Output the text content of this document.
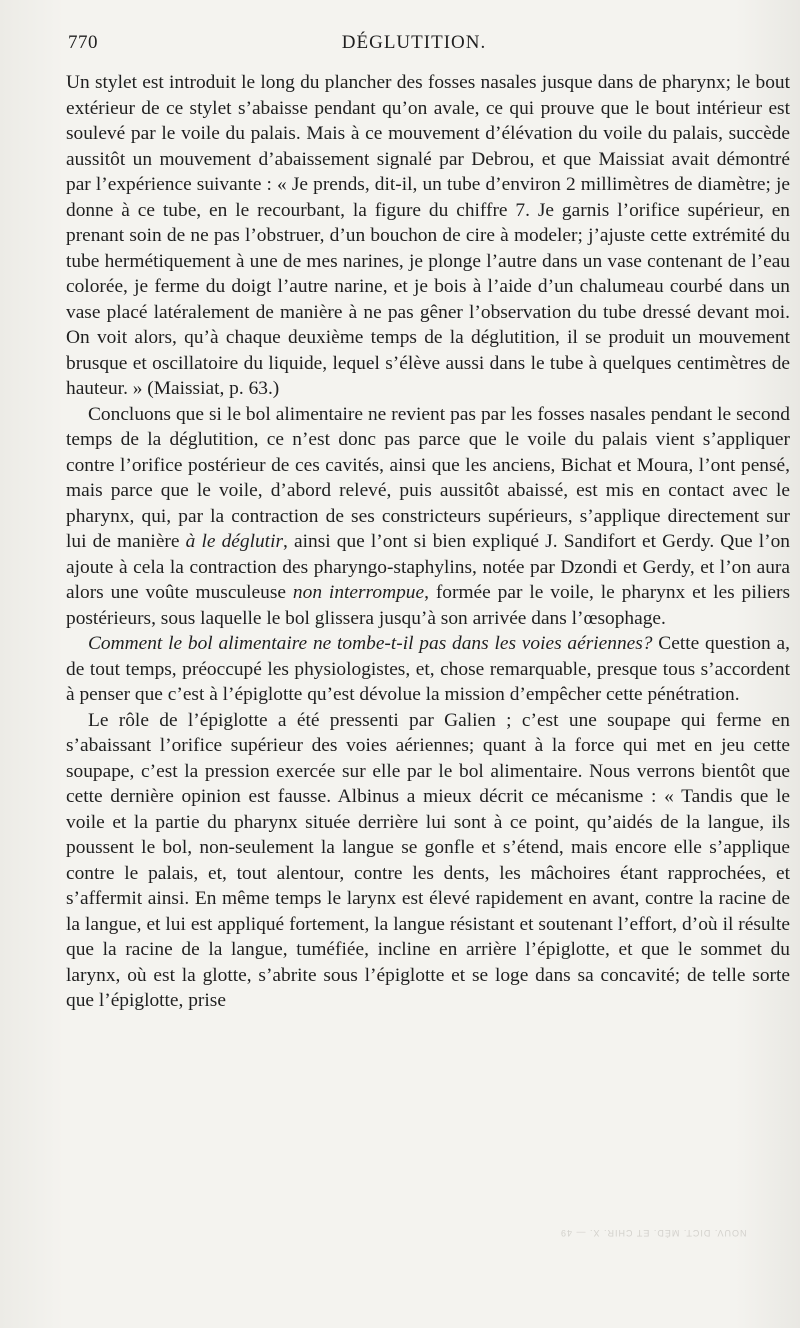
770	DÉGLUTITION.

Un stylet est introduit le long du plancher des fosses nasales jusque dans de pharynx; le bout extérieur de ce stylet s’abaisse pendant qu’on avale, ce qui prouve que le bout intérieur est soulevé par le voile du palais. Mais à ce mouvement d’élévation du voile du palais, succède aussitôt un mouvement d’abaissement signalé par Debrou, et que Maissiat avait démontré par l’expérience suivante : « Je prends, dit-il, un tube d’environ 2 millimètres de diamètre; je donne à ce tube, en le recourbant, la figure du chiffre 7. Je garnis l’orifice supérieur, en prenant soin de ne pas l’obstruer, d’un bouchon de cire à modeler; j’ajuste cette extrémité du tube hermétiquement à une de mes narines, je plonge l’autre dans un vase contenant de l’eau colorée, je ferme du doigt l’autre narine, et je bois à l’aide d’un chalumeau courbé dans un vase placé latéralement de manière à ne pas gêner l’observation du tube dressé devant moi. On voit alors, qu’à chaque deuxième temps de la déglutition, il se produit un mouvement brusque et oscillatoire du liquide, lequel s’élève aussi dans le tube à quelques centimètres de hauteur. » (Maissiat, p. 63.)

Concluons que si le bol alimentaire ne revient pas par les fosses nasales pendant le second temps de la déglutition, ce n’est donc pas parce que le voile du palais vient s’appliquer contre l’orifice postérieur de ces cavités, ainsi que les anciens, Bichat et Moura, l’ont pensé, mais parce que le voile, d’abord relevé, puis aussitôt abaissé, est mis en contact avec le pharynx, qui, par la contraction de ses constricteurs supérieurs, s’applique directement sur lui de manière à le déglutir, ainsi que l’ont si bien expliqué J. Sandifort et Gerdy. Que l’on ajoute à cela la contraction des pharyngo-staphylins, notée par Dzondi et Gerdy, et l’on aura alors une voûte musculeuse non interrompue, formée par le voile, le pharynx et les piliers postérieurs, sous laquelle le bol glissera jusqu’à son arrivée dans l’œsophage.

Comment le bol alimentaire ne tombe-t-il pas dans les voies aériennes? Cette question a, de tout temps, préoccupé les physiologistes, et, chose remarquable, presque tous s’accordent à penser que c’est à l’épiglotte qu’est dévolue la mission d’empêcher cette pénétration.

Le rôle de l’épiglotte a été pressenti par Galien ; c’est une soupape qui ferme en s’abaissant l’orifice supérieur des voies aériennes; quant à la force qui met en jeu cette soupape, c’est la pression exercée sur elle par le bol alimentaire. Nous verrons bientôt que cette dernière opinion est fausse. Albinus a mieux décrit ce mécanisme : « Tandis que le voile et la partie du pharynx située derrière lui sont à ce point, qu’aidés de la langue, ils poussent le bol, non-seulement la langue se gonfle et s’étend, mais encore elle s’applique contre le palais, et, tout alentour, contre les dents, les mâchoires étant rapprochées, et s’affermit ainsi. En même temps le larynx est élevé rapidement en avant, contre la racine de la langue, et lui est appliqué fortement, la langue résistant et soutenant l’effort, d’où il résulte que la racine de la langue, tuméfiée, incline en arrière l’épiglotte, et que le sommet du larynx, où est la glotte, s’abrite sous l’épiglotte et se loge dans sa concavité; de telle sorte que l’épiglotte, prise

NOUV. DICT. MÉD. ET CHIR. X. — 49
